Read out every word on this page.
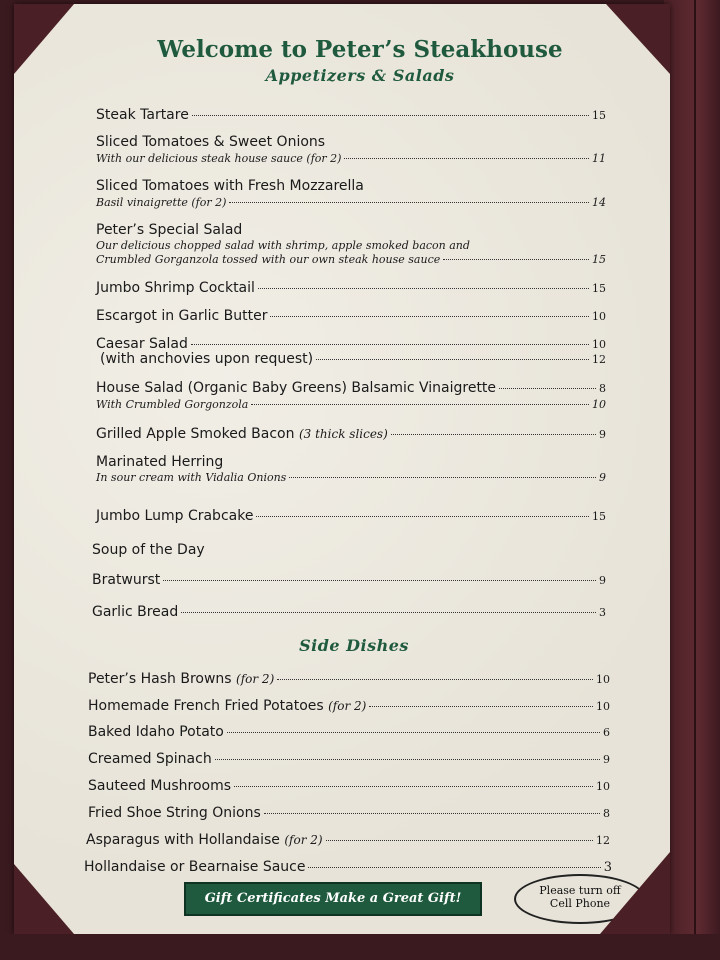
Welcome to Peter’s Steakhouse
Appetizers & Salads
Steak Tartare	15
Sliced Tomatoes & Sweet Onions
With our delicious steak house sauce (for 2)	11
Sliced Tomatoes with Fresh Mozzarella
Basil vinaigrette (for 2)	14
Peter’s Special Salad
Our delicious chopped salad with shrimp, apple smoked bacon and
Crumbled Gorganzola tossed with our own steak house sauce	15
Jumbo Shrimp Cocktail	15
Escargot in Garlic Butter	10
Caesar Salad	10
(with anchovies upon request)	12
House Salad (Organic Baby Greens) Balsamic Vinaigrette	8
With Crumbled Gorgonzola	10
Grilled Apple Smoked Bacon
(3 thick slices)	9
Marinated Herring
In sour cream with Vidalia Onions	9
Jumbo Lump Crabcake	15
Soup of the Day
Bratwurst	9
Garlic Bread	3
Side Dishes
Peter’s Hash Browns
(for 2)	10
Homemade French Fried Potatoes
(for 2)	10
Baked Idaho Potato	6
Creamed Spinach	9
Sauteed Mushrooms	10
Fried Shoe String Onions	8
Asparagus with Hollandaise
(for 2)	12
Hollandaise or Bearnaise Sauce	3
Gift Certificates Make a Great Gift!
Please turn off
Cell Phone
